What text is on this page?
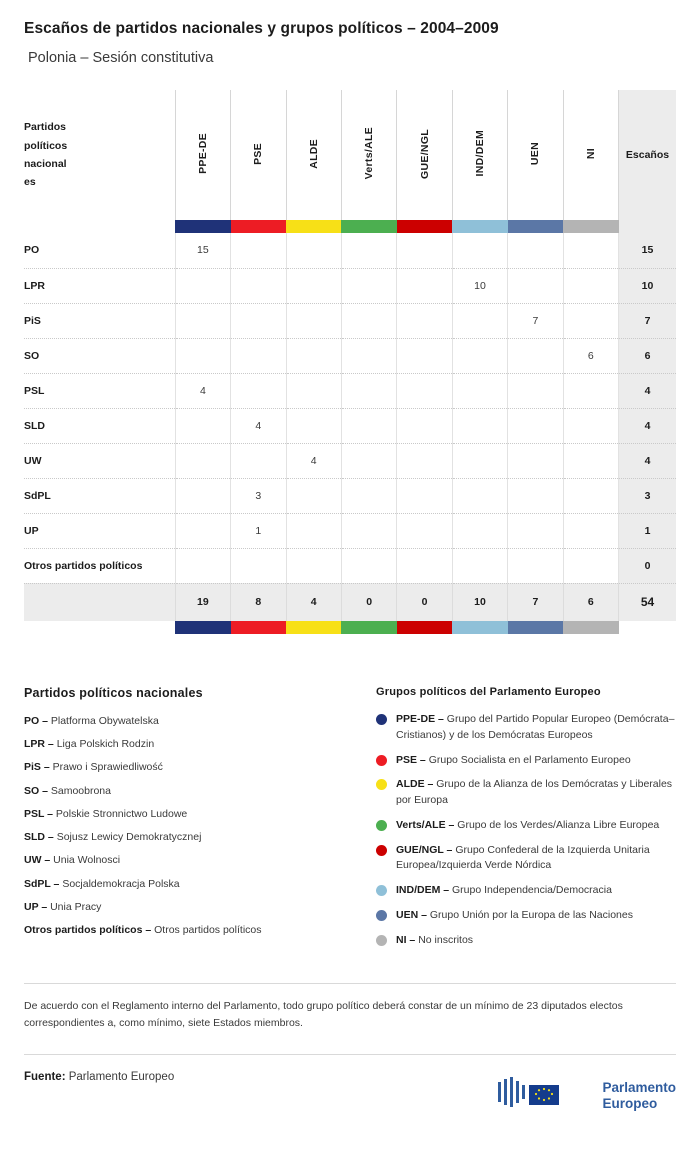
Escaños de partidos nacionales y grupos políticos – 2004–2009
Polonia – Sesión constitutiva
Partidos
políticos
nacional
es	PPE-DE	PSE	ALDE	Verts/ALE	GUE/NGL	IND/DEM	UEN	NI	Escaños

PO	15								15
LPR						10			10
PiS							7		7
SO								6	6
PSL	4								4
SLD		4							4
UW			4						4
SdPL		3							3
UP		1							1
Otros partidos políticos									0
	19	8	4	0	0	10	7	6	54

Partidos políticos nacionales
PO – Platforma Obywatelska
LPR – Liga Polskich Rodzin
PiS – Prawo i Sprawiedliwość
SO – Samoobrona
PSL – Polskie Stronnictwo Ludowe
SLD – Sojusz Lewicy Demokratycznej
UW – Unia Wolnosci
SdPL – Socjaldemokracja Polska
UP – Unia Pracy
Otros partidos políticos – Otros partidos políticos
Grupos políticos del Parlamento Europeo
PPE-DE – Grupo del Partido Popular Europeo (Demócrata–Cristianos) y de los Demócratas Europeos
PSE – Grupo Socialista en el Parlamento Europeo
ALDE – Grupo de la Alianza de los Demócratas y Liberales por Europa
Verts/ALE – Grupo de los Verdes/Alianza Libre Europea
GUE/NGL – Grupo Confederal de la Izquierda Unitaria Europea/Izquierda Verde Nórdica
IND/DEM – Grupo Independencia/Democracia
UEN – Grupo Unión por la Europa de las Naciones
NI – No inscritos
De acuerdo con el Reglamento interno del Parlamento, todo grupo político deberá constar de un mínimo de 23 diputados electos correspondientes a, como mínimo, siete Estados miembros.
Fuente: Parlamento Europeo
Parlamento
Europeo
